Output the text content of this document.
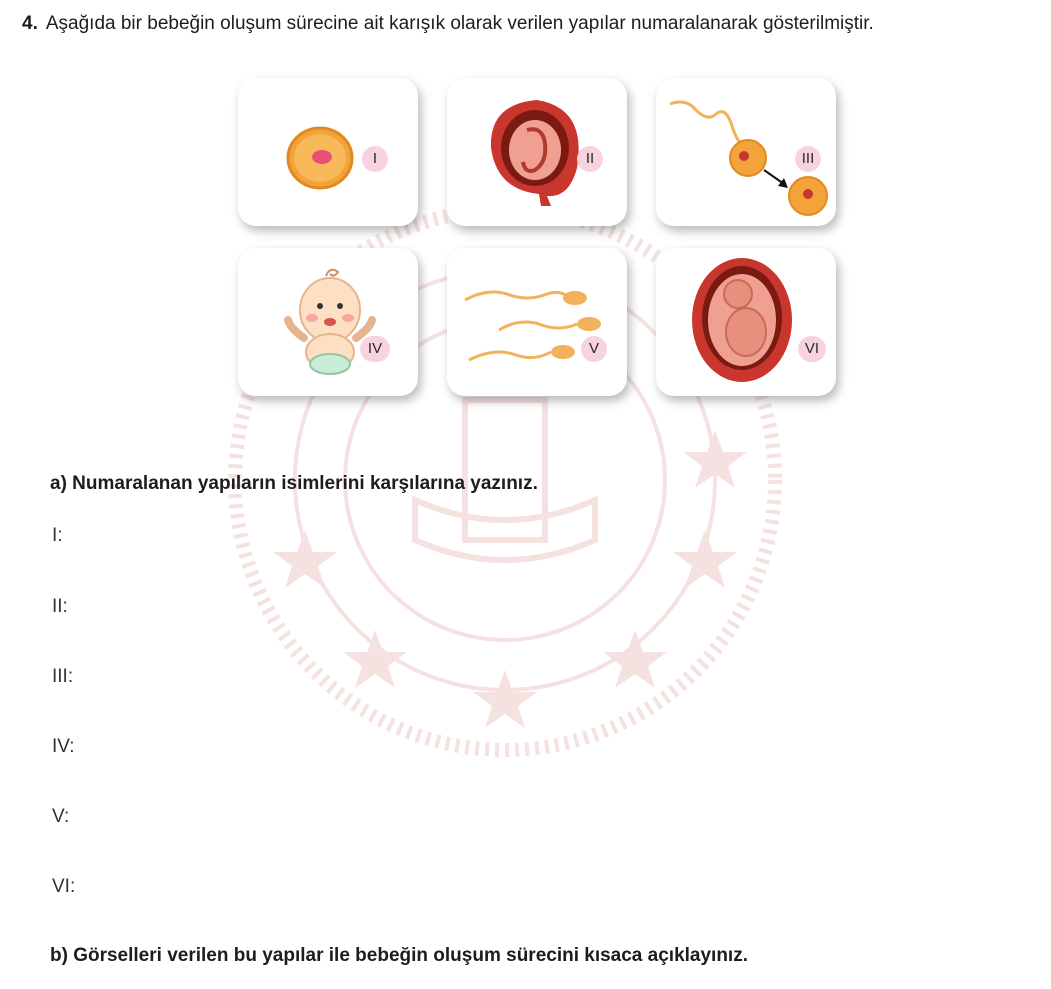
4. Aşağıda bir bebeğin oluşum sürecine ait karışık olarak verilen yapılar numaralanarak gösterilmiştir.
I	II	III
IV	V	VI
a) Numaralanan yapıların isimlerini karşılarına yazınız.
I:
II:
III:
IV:
V:
VI:
b) Görselleri verilen bu yapılar ile bebeğin oluşum sürecini kısaca açıklayınız.
